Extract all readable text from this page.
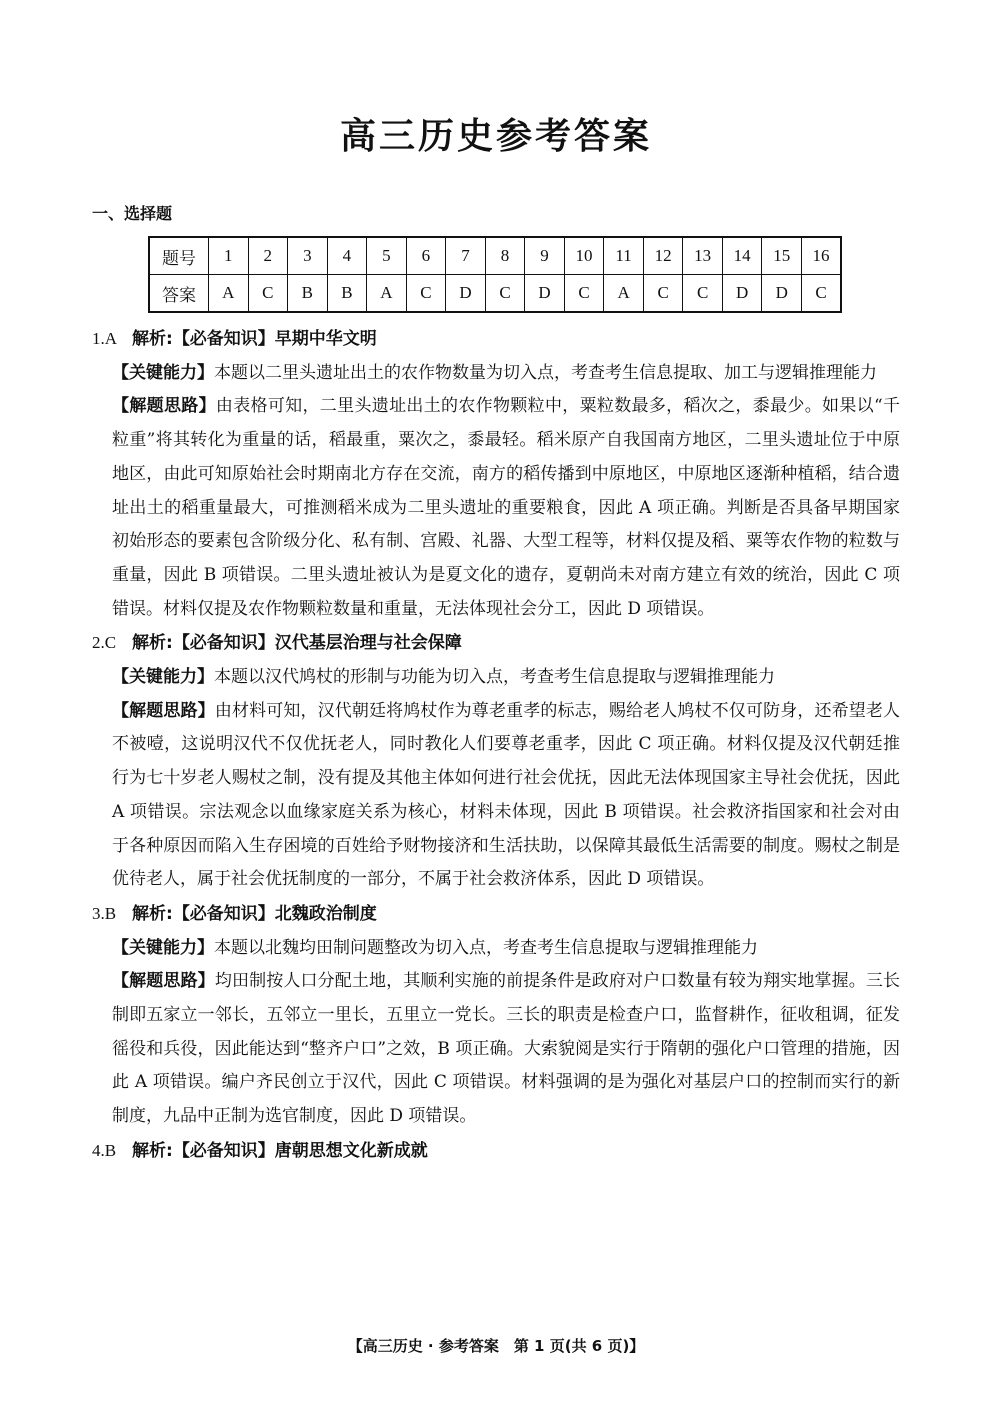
高三历史参考答案
一、选择题
题号	1	2	3	4	5	6	7	8	9	10	11	12	13	14	15	16
答案	A	C	B	B	A	C	D	C	D	C	A	C	C	D	D	C

1.A 解析:【必备知识】早期中华文明

【关键能力】本题以二里头遗址出土的农作物数量为切入点，考查考生信息提取、加工与逻辑推理能力

【解题思路】由表格可知，二里头遗址出土的农作物颗粒中，粟粒数最多，稻次之，黍最少。如果以“千粒重”将其转化为重量的话，稻最重，粟次之，黍最轻。稻米原产自我国南方地区，二里头遗址位于中原地区，由此可知原始社会时期南北方存在交流，南方的稻传播到中原地区，中原地区逐渐种植稻，结合遗址出土的稻重量最大，可推测稻米成为二里头遗址的重要粮食，因此 A 项正确。判断是否具备早期国家初始形态的要素包含阶级分化、私有制、宫殿、礼器、大型工程等，材料仅提及稻、粟等农作物的粒数与重量，因此 B 项错误。二里头遗址被认为是夏文化的遗存，夏朝尚未对南方建立有效的统治，因此 C 项错误。材料仅提及农作物颗粒数量和重量，无法体现社会分工，因此 D 项错误。

2.C 解析:【必备知识】汉代基层治理与社会保障

【关键能力】本题以汉代鸠杖的形制与功能为切入点，考查考生信息提取与逻辑推理能力

【解题思路】由材料可知，汉代朝廷将鸠杖作为尊老重孝的标志，赐给老人鸠杖不仅可防身，还希望老人不被噎，这说明汉代不仅优抚老人，同时教化人们要尊老重孝，因此 C 项正确。材料仅提及汉代朝廷推行为七十岁老人赐杖之制，没有提及其他主体如何进行社会优抚，因此无法体现国家主导社会优抚，因此 A 项错误。宗法观念以血缘家庭关系为核心，材料未体现，因此 B 项错误。社会救济指国家和社会对由于各种原因而陷入生存困境的百姓给予财物接济和生活扶助，以保障其最低生活需要的制度。赐杖之制是优待老人，属于社会优抚制度的一部分，不属于社会救济体系，因此 D 项错误。

3.B 解析:【必备知识】北魏政治制度

【关键能力】本题以北魏均田制问题整改为切入点，考查考生信息提取与逻辑推理能力

【解题思路】均田制按人口分配土地，其顺利实施的前提条件是政府对户口数量有较为翔实地掌握。三长制即五家立一邻长，五邻立一里长，五里立一党长。三长的职责是检查户口，监督耕作，征收租调，征发徭役和兵役，因此能达到“整齐户口”之效，B 项正确。大索貌阅是实行于隋朝的强化户口管理的措施，因此 A 项错误。编户齐民创立于汉代，因此 C 项错误。材料强调的是为强化对基层户口的控制而实行的新制度，九品中正制为选官制度，因此 D 项错误。

4.B 解析:【必备知识】唐朝思想文化新成就

【高三历史 · 参考答案　第 1 页(共 6 页)】
